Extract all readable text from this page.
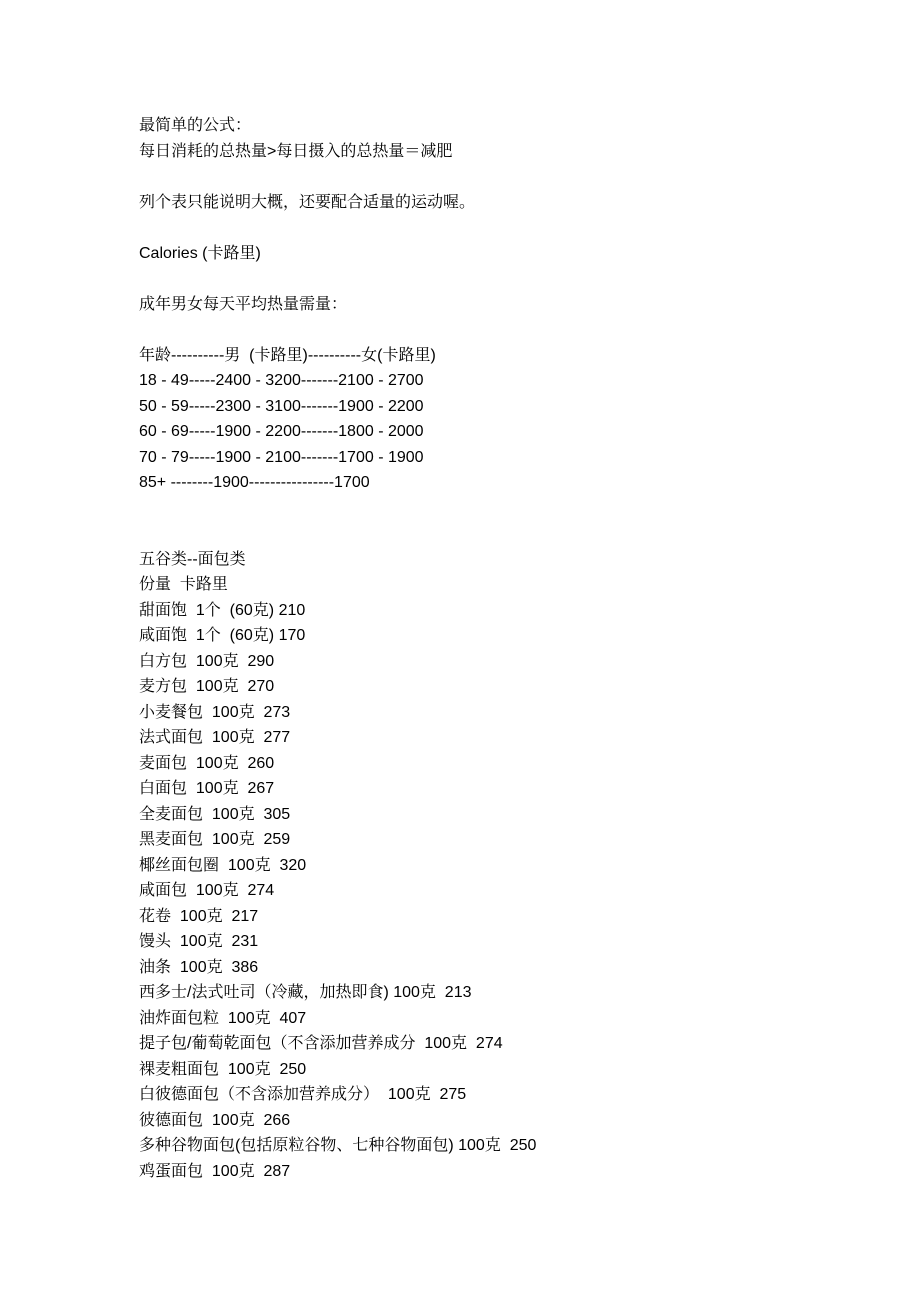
最简单的公式：
每日消耗的总热量>每日摄入的总热量＝减肥
列个表只能说明大概，还要配合适量的运动喔。
Calories (卡路里)
成年男女每天平均热量需量：
年龄----------男  (卡路里)----------女(卡路里)
18 - 49-----2400 - 3200-------2100 - 2700
50 - 59-----2300 - 3100-------1900 - 2200
60 - 69-----1900 - 2200-------1800 - 2000
70 - 79-----1900 - 2100-------1700 - 1900
85+ --------1900----------------1700
五谷类--面包类
份量  卡路里
甜面饱  1个  (60克) 210
咸面饱  1个  (60克) 170
白方包  100克  290
麦方包  100克  270
小麦餐包  100克  273
法式面包  100克  277
麦面包  100克  260
白面包  100克  267
全麦面包  100克  305
黑麦面包  100克  259
椰丝面包圈  100克  320
咸面包  100克  274
花卷  100克  217
馒头  100克  231
油条  100克  386
西多士/法式吐司（冷藏，加热即食) 100克  213
油炸面包粒  100克  407
提子包/葡萄乾面包（不含添加营养成分  100克  274
裸麦粗面包  100克  250
白彼德面包（不含添加营养成分）  100克  275
彼德面包  100克  266
多种谷物面包(包括原粒谷物、七种谷物面包) 100克  250
鸡蛋面包  100克  287
